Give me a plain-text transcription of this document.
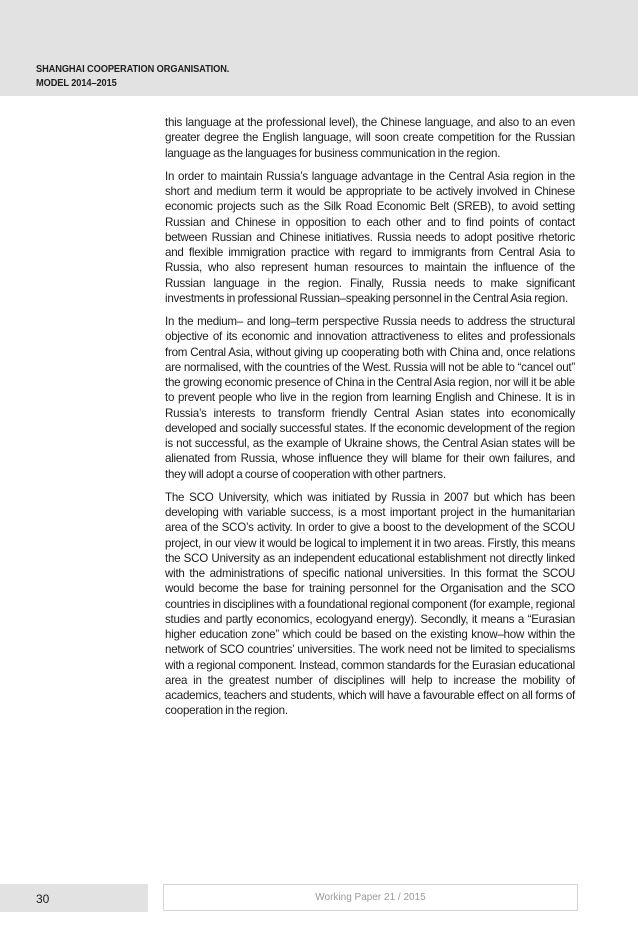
SHANGHAI COOPERATION ORGANISATION.
MODEL 2014–2015

this language at the professional level), the Chinese language, and also to an even greater degree the English language, will soon create competition for the Russian language as the languages for business communication in the region.

In order to maintain Russia’s language advantage in the Central Asia region in the short and medium term it would be appropriate to be actively involved in Chinese economic projects such as the Silk Road Economic Belt (SREB), to avoid setting Russian and Chinese in opposition to each other and to find points of contact between Russian and Chinese initiatives. Russia needs to adopt positive rhetoric and flexible immigration practice with regard to immigrants from Central Asia to Russia, who also represent human resources to maintain the influence of the Russian language in the region. Finally, Russia needs to make significant investments in professional Russian–speaking personnel in the Central Asia region.

In the medium– and long–term perspective Russia needs to address the structural objective of its economic and innovation attractiveness to elites and professionals from Central Asia, without giving up cooperating both with China and, once relations are normalised, with the countries of the West. Russia will not be able to “cancel out” the growing economic presence of China in the Central Asia region, nor will it be able to prevent people who live in the region from learning English and Chinese. It is in Russia’s interests to transform friendly Central Asian states into economically developed and socially successful states. If the economic development of the region is not successful, as the example of Ukraine shows, the Central Asian states will be alienated from Russia, whose influence they will blame for their own failures, and they will adopt a course of cooperation with other partners.

The SCO University, which was initiated by Russia in 2007 but which has been developing with variable success, is a most important project in the humanitarian area of the SCO’s activity. In order to give a boost to the development of the SCOU project, in our view it would be logical to implement it in two areas. Firstly, this means the SCO University as an independent educational establishment not directly linked with the administrations of specific national universities. In this format the SCOU would become the base for training personnel for the Organisation and the SCO countries in disciplines with a foundational regional component (for example, regional studies and partly economics, ecologyand energy). Secondly, it means a “Eurasian higher education zone” which could be based on the existing know–how within the network of SCO countries’ universities. The work need not be limited to specialisms with a regional component. Instead, common standards for the Eurasian educational area in the greatest number of disciplines will help to increase the mobility of academics, teachers and students, which will have a favourable effect on all forms of cooperation in the region.

30	Working Paper 21 / 2015
